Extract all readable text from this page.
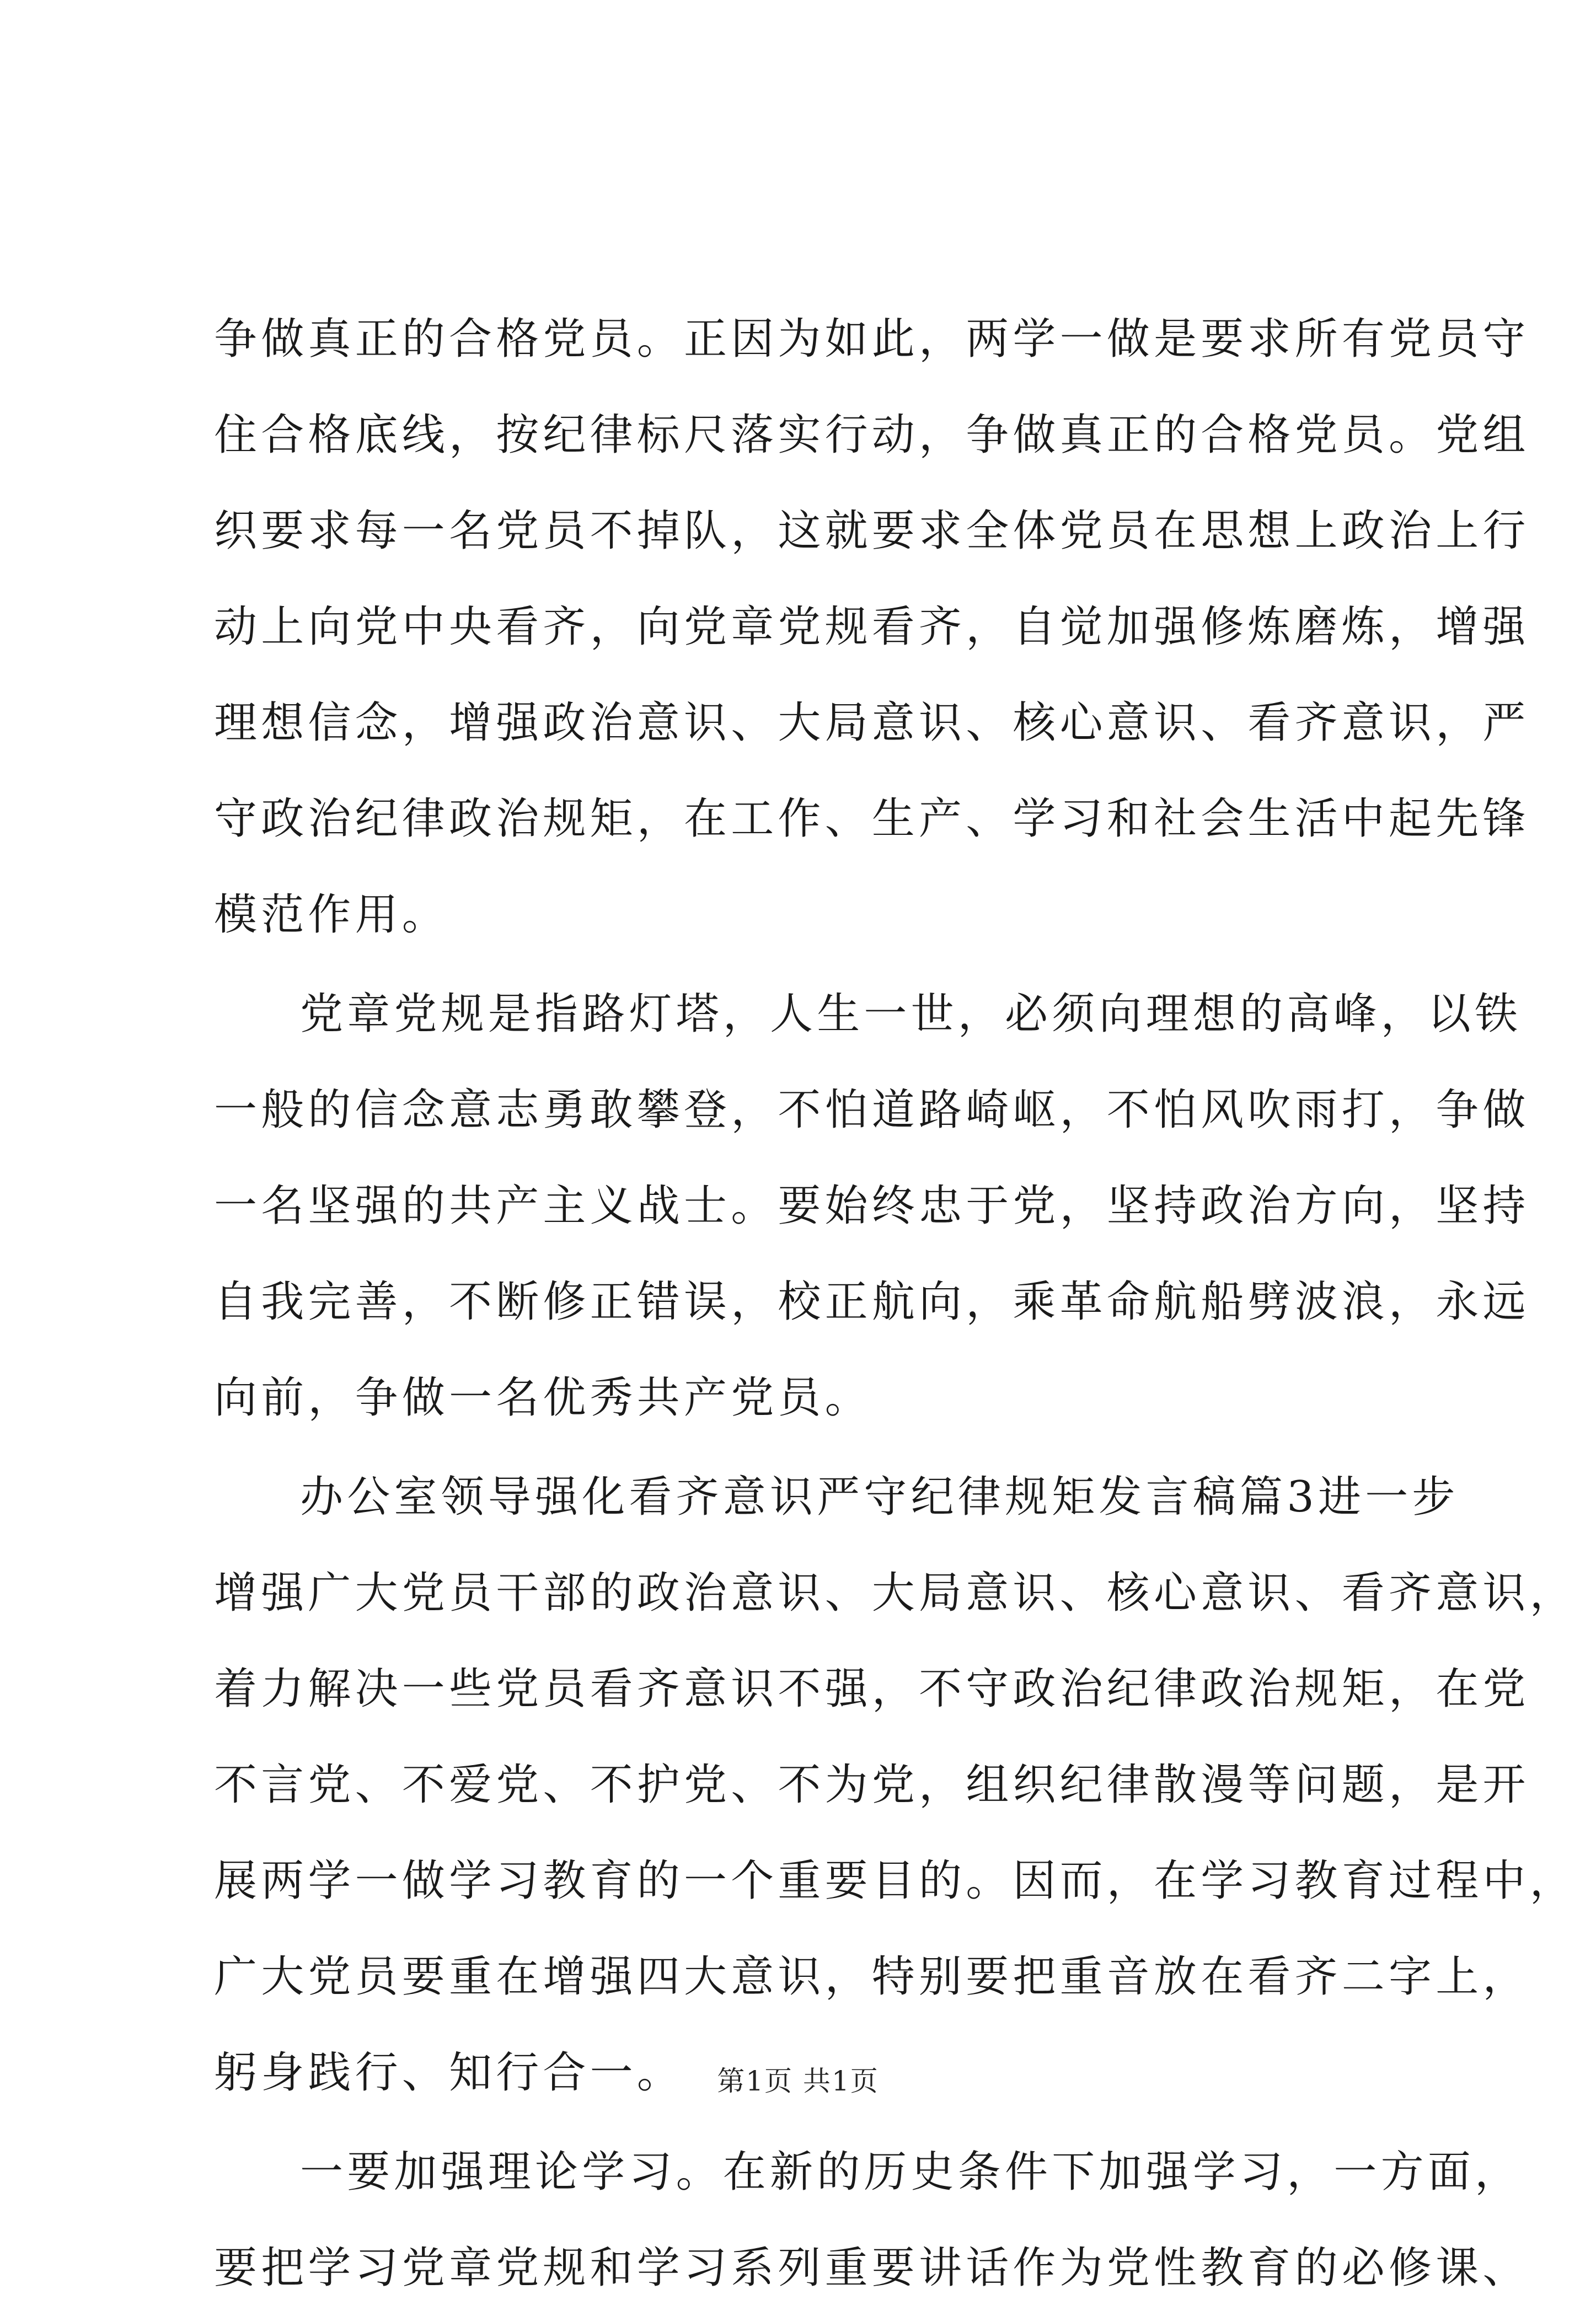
争做真正的合格党员。正因为如此，两学一做是要求所有党员守
住合格底线，按纪律标尺落实行动，争做真正的合格党员。党组
织要求每一名党员不掉队，这就要求全体党员在思想上政治上行
动上向党中央看齐，向党章党规看齐，自觉加强修炼磨炼，增强
理想信念，增强政治意识、大局意识、核心意识、看齐意识，严
守政治纪律政治规矩，在工作、生产、学习和社会生活中起先锋
模范作用。
党章党规是指路灯塔，人生一世，必须向理想的高峰，以铁
一般的信念意志勇敢攀登，不怕道路崎岖，不怕风吹雨打，争做
一名坚强的共产主义战士。要始终忠于党，坚持政治方向，坚持
自我完善，不断修正错误，校正航向，乘革命航船劈波浪，永远
向前，争做一名优秀共产党员。
办公室领导强化看齐意识严守纪律规矩发言稿篇3进一步
增强广大党员干部的政治意识、大局意识、核心意识、看齐意识，
着力解决一些党员看齐意识不强，不守政治纪律政治规矩，在党
不言党、不爱党、不护党、不为党，组织纪律散漫等问题，是开
展两学一做学习教育的一个重要目的。因而，在学习教育过程中，
广大党员要重在增强四大意识，特别要把重音放在看齐二字上，
躬身践行、知行合一。
一要加强理论学习。在新的历史条件下加强学习，一方面，
要把学习党章党规和学习系列重要讲话作为党性教育的必修课、
第1页 共1页
